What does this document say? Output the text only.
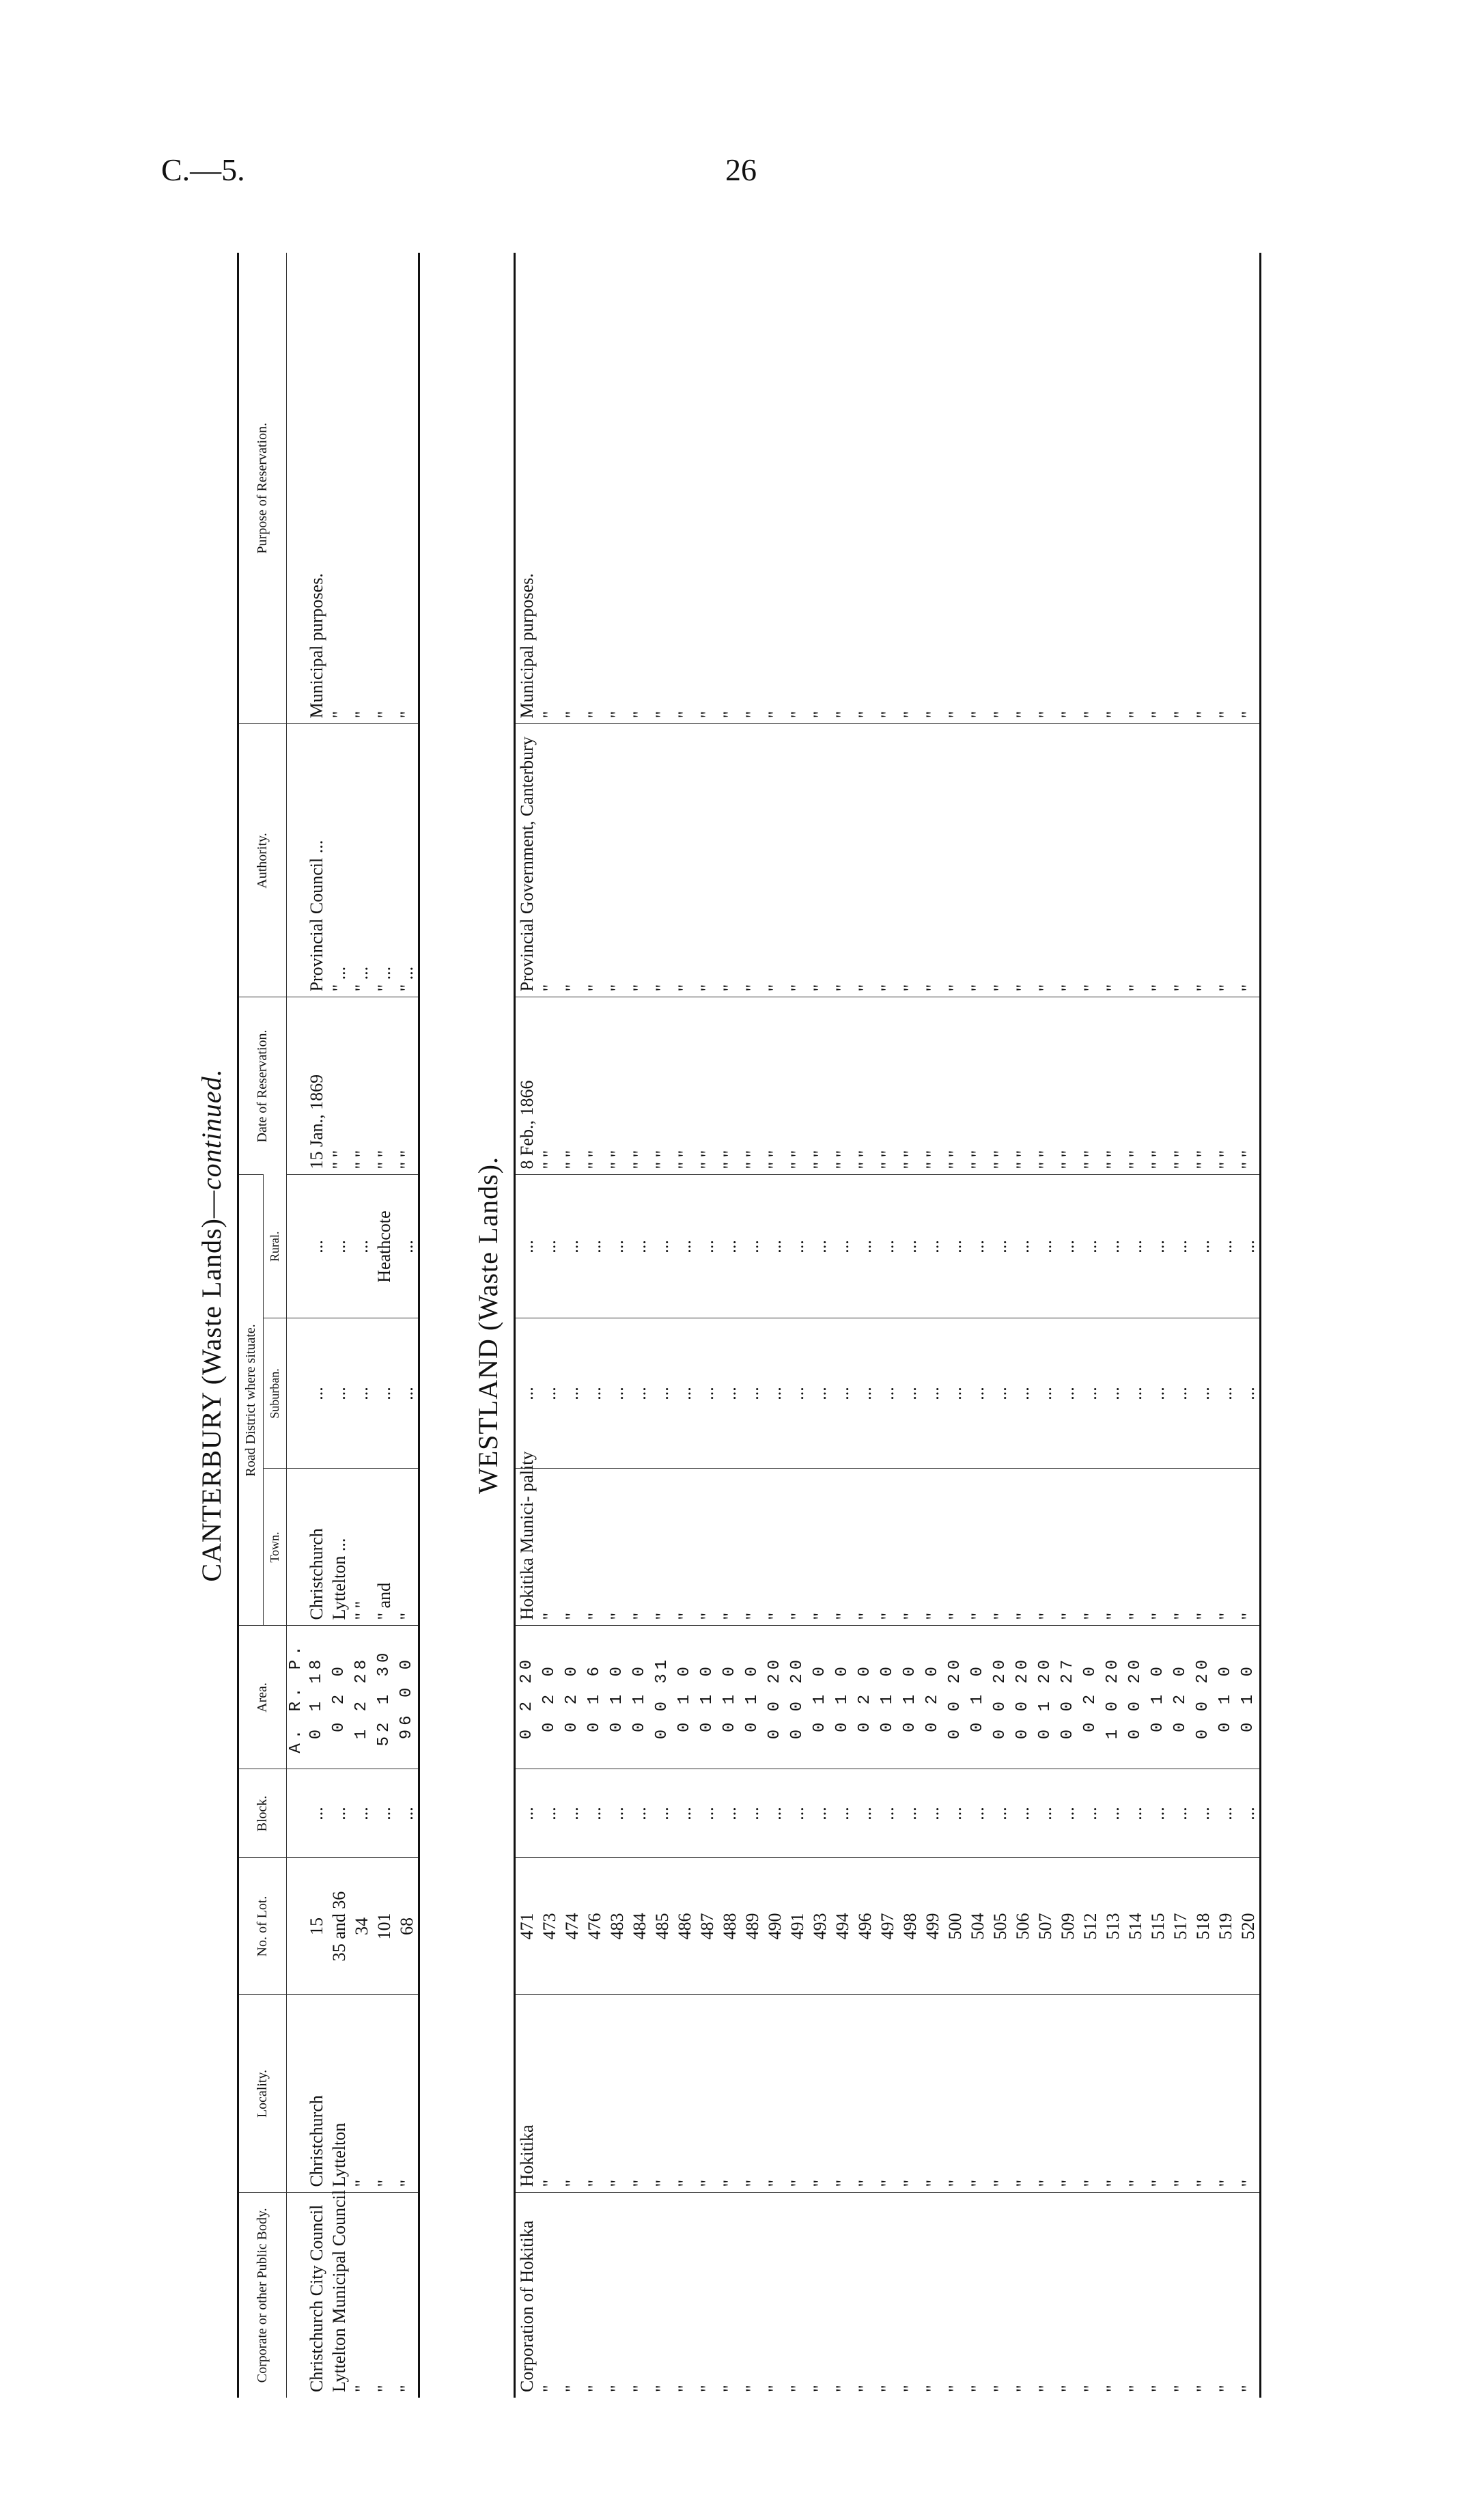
C.—5.	26
CANTERBURY (Waste Lands)—continued.
Corporate or other Public Body.	Locality.	No. of Lot.	Block.	Area.	Road District where situate.			Date of Reservation.	Authority.	Purpose of Reservation.
					Town.	Suburban.	Rural.			
				A. R. P.						
Christchurch City Council	Christchurch	15	...	0 1 18	Christchurch	...	...	15 Jan., 1869	Provincial Council ...	Municipal purposes.
Lyttelton Municipal Council	Lyttelton	35 and 36	...	0 2 0	Lyttelton ...	...	...	" "	" ...	"
"	"	34	...	1 2 28	" "	...	...	" "	" ...	"
"	"	101	...	52 1 30	" and	...	Heathcote	" "	" ...	"
"	"	68	...	96 0 0	"	...	...	" "	" ...	"
WESTLAND (Waste Lands).
Corporation of Hokitika	Hokitika	471	...	0 2 20	Hokitika Munici- pality	...	...	8 Feb., 1866	Provincial Government, Canterbury	Municipal purposes.
"	"	473	...	0 2 0	"	...	...	" "	"	"
"	"	474	...	0 2 0	"	...	...	" "	"	"
"	"	476	...	0 1 6	"	...	...	" "	"	"
"	"	483	...	0 1 0	"	...	...	" "	"	"
"	"	484	...	0 1 0	"	...	...	" "	"	"
"	"	485	...	0 0 31	"	...	...	" "	"	"
"	"	486	...	0 1 0	"	...	...	" "	"	"
"	"	487	...	0 1 0	"	...	...	" "	"	"
"	"	488	...	0 1 0	"	...	...	" "	"	"
"	"	489	...	0 1 0	"	...	...	" "	"	"
"	"	490	...	0 0 20	"	...	...	" "	"	"
"	"	491	...	0 0 20	"	...	...	" "	"	"
"	"	493	...	0 1 0	"	...	...	" "	"	"
"	"	494	...	0 1 0	"	...	...	" "	"	"
"	"	496	...	0 2 0	"	...	...	" "	"	"
"	"	497	...	0 1 0	"	...	...	" "	"	"
"	"	498	...	0 1 0	"	...	...	" "	"	"
"	"	499	...	0 2 0	"	...	...	" "	"	"
"	"	500	...	0 0 20	"	...	...	" "	"	"
"	"	504	...	0 1 0	"	...	...	" "	"	"
"	"	505	...	0 0 20	"	...	...	" "	"	"
"	"	506	...	0 0 20	"	...	...	" "	"	"
"	"	507	...	0 1 20	"	...	...	" "	"	"
"	"	509	...	0 0 27	"	...	...	" "	"	"
"	"	512	...	0 2 0	"	...	...	" "	"	"
"	"	513	...	1 0 20	"	...	...	" "	"	"
"	"	514	...	0 0 20	"	...	...	" "	"	"
"	"	515	...	0 1 0	"	...	...	" "	"	"
"	"	517	...	0 2 0	"	...	...	" "	"	"
"	"	518	...	0 0 20	"	...	...	" "	"	"
"	"	519	...	0 1 0	"	...	...	" "	"	"
"	"	520	...	0 1 0	"	...	...	" "	"	"
